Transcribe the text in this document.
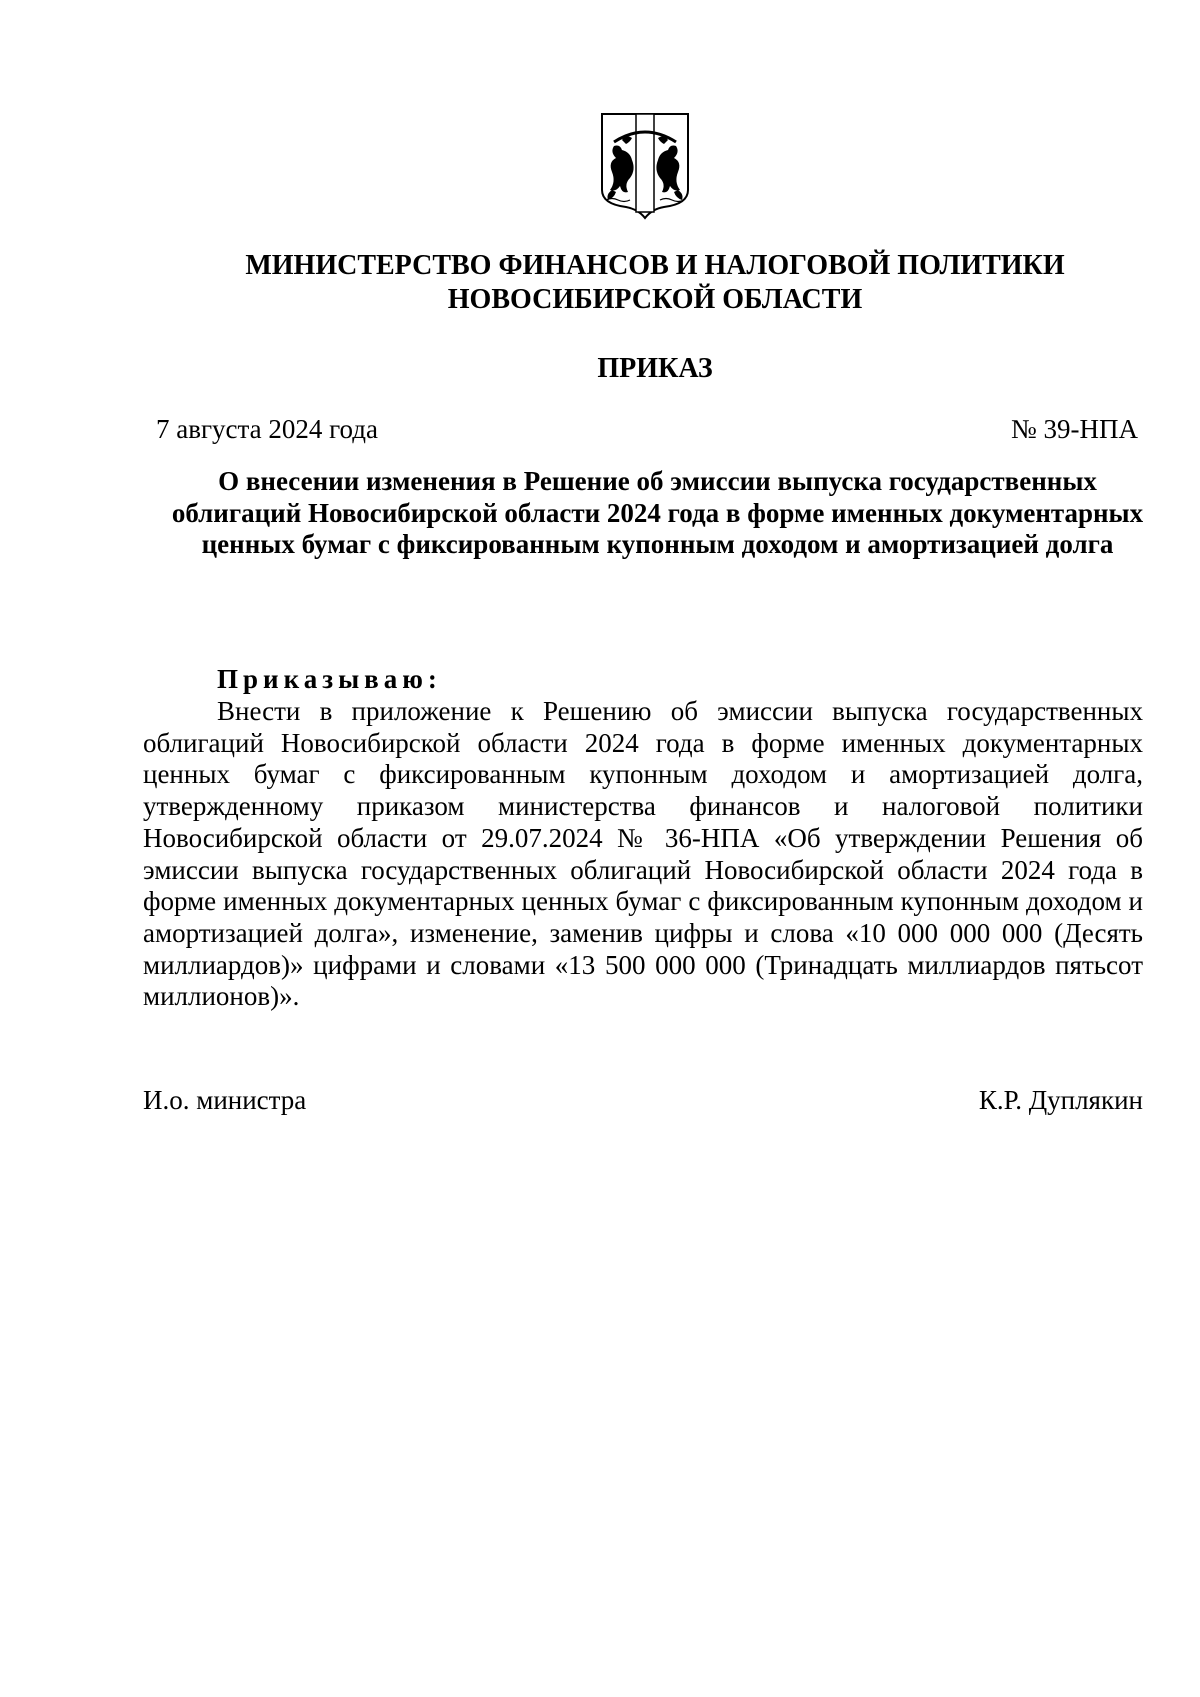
МИНИСТЕРСТВО ФИНАНСОВ И НАЛОГОВОЙ ПОЛИТИКИ
НОВОСИБИРСКОЙ ОБЛАСТИ
ПРИКАЗ
7 августа 2024 года	№ 39-НПА
О внесении изменения в Решение об эмиссии выпуска государственных облигаций Новосибирской области 2024 года в форме именных документарных ценных бумаг с фиксированным купонным доходом и амортизацией долга
Приказываю:
Внести в приложение к Решению об эмиссии выпуска государственных облигаций Новосибирской области 2024 года в форме именных документарных ценных бумаг с фиксированным купонным доходом и амортизацией долга, утвержденному приказом министерства финансов и налоговой политики Новосибирской области от 29.07.2024 № 36-НПА «Об утверждении Решения об эмиссии выпуска государственных облигаций Новосибирской области 2024 года в форме именных документарных ценных бумаг с фиксированным купонным доходом и амортизацией долга», изменение, заменив цифры и слова «10 000 000 000 (Десять миллиардов)» цифрами и словами «13 500 000 000 (Тринадцать миллиардов пятьсот миллионов)».
И.о. министра	К.Р. Дуплякин
